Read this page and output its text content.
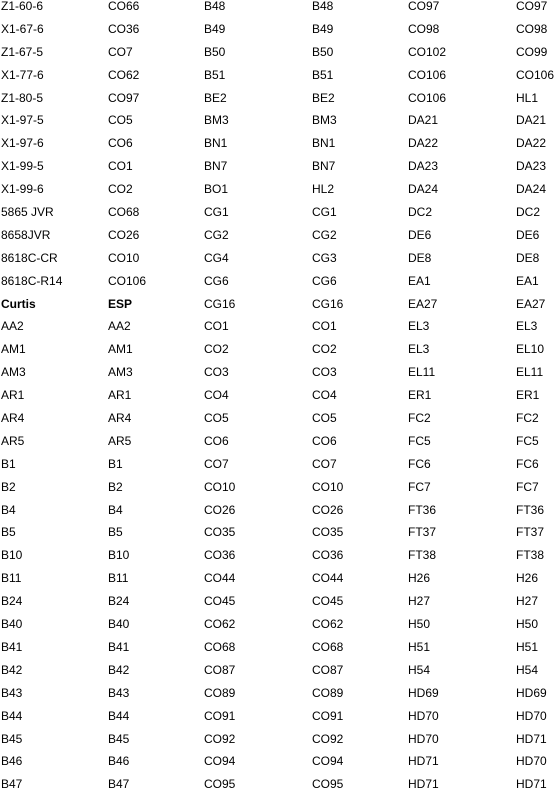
Z1-60-6	CO66	B48	B48	CO97	CO97
X1-67-6	CO36	B49	B49	CO98	CO98
Z1-67-5	CO7	B50	B50	CO102	CO99
X1-77-6	CO62	B51	B51	CO106	CO106
Z1-80-5	CO97	BE2	BE2	CO106	HL1
X1-97-5	CO5	BM3	BM3	DA21	DA21
X1-97-6	CO6	BN1	BN1	DA22	DA22
X1-99-5	CO1	BN7	BN7	DA23	DA23
X1-99-6	CO2	BO1	HL2	DA24	DA24
5865 JVR	CO68	CG1	CG1	DC2	DC2
8658JVR	CO26	CG2	CG2	DE6	DE6
8618C-CR	CO10	CG4	CG3	DE8	DE8
8618C-R14	CO106	CG6	CG6	EA1	EA1
Curtis	ESP	CG16	CG16	EA27	EA27
AA2	AA2	CO1	CO1	EL3	EL3
AM1	AM1	CO2	CO2	EL3	EL10
AM3	AM3	CO3	CO3	EL11	EL11
AR1	AR1	CO4	CO4	ER1	ER1
AR4	AR4	CO5	CO5	FC2	FC2
AR5	AR5	CO6	CO6	FC5	FC5
B1	B1	CO7	CO7	FC6	FC6
B2	B2	CO10	CO10	FC7	FC7
B4	B4	CO26	CO26	FT36	FT36
B5	B5	CO35	CO35	FT37	FT37
B10	B10	CO36	CO36	FT38	FT38
B11	B11	CO44	CO44	H26	H26
B24	B24	CO45	CO45	H27	H27
B40	B40	CO62	CO62	H50	H50
B41	B41	CO68	CO68	H51	H51
B42	B42	CO87	CO87	H54	H54
B43	B43	CO89	CO89	HD69	HD69
B44	B44	CO91	CO91	HD70	HD70
B45	B45	CO92	CO92	HD70	HD71
B46	B46	CO94	CO94	HD71	HD70
B47	B47	CO95	CO95	HD71	HD71
